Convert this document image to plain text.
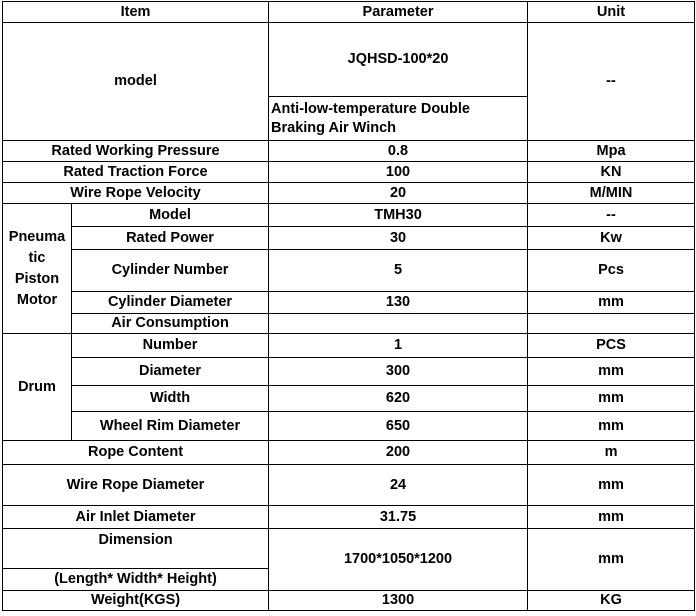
Item		Parameter	Unit
model		JQHSD-100*20	--
		Anti-low-temperature Double Braking Air Winch	
Rated Working Pressure		0.8	Mpa
Rated Traction Force		100	KN
Wire Rope Velocity		20	M/MIN
Pneuma tic Piston Motor	Model	TMH30	--
	Rated Power	30	Kw
	Cylinder Number	5	Pcs
	Cylinder Diameter	130	mm
	Air Consumption		
Drum	Number	1	PCS
	Diameter	300	mm
	Width	620	mm
	Wheel Rim Diameter	650	mm
Rope Content		200	m
Wire Rope Diameter		24	mm
Air Inlet Diameter		31.75	mm
Dimension		1700*1050*1200	mm
(Length* Width* Height)			
Weight(KGS)		1300	KG
